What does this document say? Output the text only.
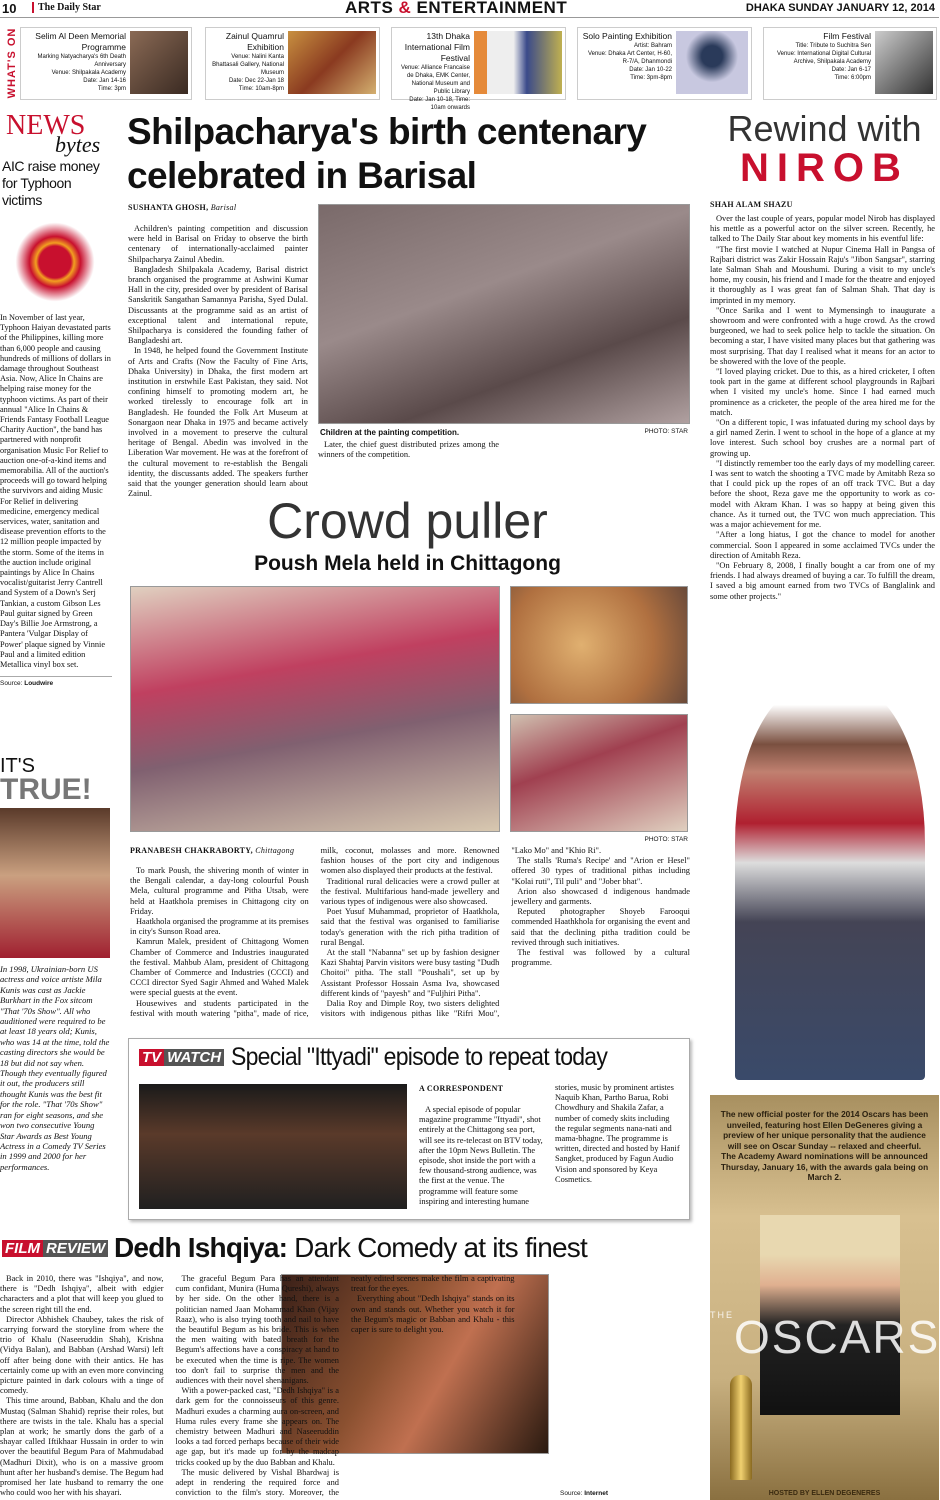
10	The Daily Star	ARTS & ENTERTAINMENT	DHAKA SUNDAY JANUARY 12, 2014
WHAT'S ON	Selim Al Deen Memorial Programme
Marking Natyacharya's 6th Death Anniversary
Venue: Shilpakala Academy
Date: Jan 14-16
Time: 3pm
Zainul Quamrul Exhibition
Venue: Nalini Kanta Bhattasali Gallery, National Museum
Date: Dec 22-Jan 18
Time: 10am-8pm
13th Dhaka International Film Festival
Venue: Alliance Francaise de Dhaka, EMK Center, National Museum and Public Library
Date: Jan 10-18, Time: 10am onwards
Solo Painting Exhibition
Artist: Bahram
Venue: Dhaka Art Center, H-60, R-7/A, Dhanmondi
Date: Jan 10-22
Time: 3pm-8pm
Film Festival
Title: Tribute to Suchitra Sen
Venue: International Digital Cultural Archive, Shilpakala Academy
Date: Jan 6-17
Time: 6:00pm
NEWS
bytes
AIC raise money for Typhoon victims
In November of last year, Typhoon Haiyan devastated parts of the Philippines, killing more than 6,000 people and causing hundreds of millions of dollars in damage throughout Southeast Asia. Now, Alice In Chains are helping raise money for the typhoon victims. As part of their annual "Alice In Chains & Friends Fantasy Football League Charity Auction", the band has partnered with nonprofit organisation Music For Relief to auction one-of-a-kind items and memorabilia. All of the auction's proceeds will go toward helping the survivors and aiding Music For Relief in delivering medicine, emergency medical services, water, sanitation and disease prevention efforts to the 12 million people impacted by the storm. Some of the items in the auction include original paintings by Alice In Chains vocalist/guitarist Jerry Cantrell and System of a Down's Serj Tankian, a custom Gibson Les Paul guitar signed by Green Day's Billie Joe Armstrong, a Pantera 'Vulgar Display of Power' plaque signed by Vinnie Paul and a limited edition Metallica vinyl box set.
Source: Loudwire
IT'S
TRUE!
In 1998, Ukrainian-born US actress and voice artiste Mila Kunis was cast as Jackie Burkhart in the Fox sitcom "That '70s Show". All who auditioned were required to be at least 18 years old; Kunis, who was 14 at the time, told the casting directors she would be 18 but did not say when. Though they eventually figured it out, the producers still thought Kunis was the best fit for the role. "That '70s Show" ran for eight seasons, and she won two consecutive Young Star Awards as Best Young Actress in a Comedy TV Series in 1999 and 2000 for her performances.
Shilpacharya's birth centenary celebrated in Barisal
SUSHANTA GHOSH, Barisal

Achildren's painting competition and discussion were held in Barisal on Friday to observe the birth centenary of internationally-acclaimed painter Shilpacharya Zainul Abedin.

Bangladesh Shilpakala Academy, Barisal district branch organised the programme at Ashwini Kumar Hall in the city, presided over by president of Barisal Sanskritik Sangathan Samannya Parisha, Syed Dulal. Discussants at the programme said as an artist of exceptional talent and international repute, Shilpacharya is considered the founding father of Bangladeshi art.

In 1948, he helped found the Government Institute of Arts and Crafts (Now the Faculty of Fine Arts, Dhaka University) in Dhaka, the first modern art institution in erstwhile East Pakistan, they said. Not confining himself to promoting modern art, he worked tirelessly to encourage folk art in Bangladesh. He founded the Folk Art Museum at Sonargaon near Dhaka in 1975 and became actively involved in a movement to preserve the cultural heritage of Bengal. Abedin was involved in the Liberation War movement. He was at the forefront of the cultural movement to re-establish the Bengali identity, the discussants added. The speakers further said that the younger generation should learn about Zainul.

Children at the painting competition.	PHOTO: STAR

Later, the chief guest distributed prizes among the winners of the competition.

Crowd puller
Poush Mela held in Chittagong
PHOTO: STAR
PRANABESH CHAKRABORTY, Chittagong

To mark Poush, the shivering month of winter in the Bengali calendar, a day-long colourful Poush Mela, cultural programme and Pitha Utsab, were held at Haatkhola premises in Chittagong city on Friday.

Haatkhola organised the programme at its premises in city's Sunson Road area.

Kamrun Malek, president of Chittagong Women Chamber of Commerce and Industries inaugurated the festival. Mahbub Alam, president of Chittagong Chamber of Commerce and Industries (CCCI) and CCCI director Syed Sagir Ahmed and Wahed Malek were special guests at the event.

Housewives and students participated in the festival with mouth watering "pitha", made of rice, milk, coconut, molasses and more. Renowned fashion houses of the port city and indigenous women also displayed their products at the festival.

Traditional rural delicacies were a crowd puller at the festival. Multifarious hand-made jewellery and various types of indigenous were also showcased.

Poet Yusuf Muhammad, proprietor of Haatkhola, said that the festival was organised to familiarise today's generation with the rich pitha tradition of rural Bengal.

At the stall "Nabanna" set up by fashion designer Kazi Shahtaj Parvin visitors were busy tasting "Dudh Choitoi" pitha. The stall "Poushali", set up by Assistant Professor Hossain Asma Iva, showcased different kinds of "payesh" and "Fuljhiri Pitha".

Dalia Roy and Dimple Roy, two sisters delighted visitors with indigenous pithas like "Rifri Mou", "Lako Mo" and "Khio Ri".

The stalls 'Ruma's Recipe' and "Arion er Hesel" offered 30 types of traditional pithas including "Kolai ruti", Til puli" and "Jober bhat".

Arion also showcased d indigenous handmade jewellery and garments.

Reputed photographer Shoyeb Farooqui commended Haathkhola for organising the event and said that the declining pitha tradition could be revived through such initiatives.

The festival was followed by a cultural programme.

TV WATCH Special "Ittyadi" episode to repeat today
A CORRESPONDENT

A special episode of popular magazine programme "Ittyadi", shot entirely at the Chittagong sea port, will see its re-telecast on BTV today, after the 10pm News Bulletin. The episode, shot inside the port with a few thousand-strong audience, was the first at the venue. The programme will feature some inspiring and interesting humane stories, music by prominent artistes Naquib Khan, Partho Barua, Robi Chowdhury and Shakila Zafar, a number of comedy skits including the regular segments nana-nati and mama-bhagne. The programme is written, directed and hosted by Hanif Sangket, produced by Fagun Audio Vision and sponsored by Keya Cosmetics.

FILM REVIEW Dedh Ishqiya: Dark Comedy at its finest

Back in 2010, there was "Ishqiya", and now, there is "Dedh Ishqiya", albeit with edgier characters and a plot that will keep you glued to the screen right till the end.

Director Abhishek Chaubey, takes the risk of carrying forward the storyline from where the trio of Khalu (Naseeruddin Shah), Krishna (Vidya Balan), and Babban (Arshad Warsi) left off after being done with their antics. He has certainly come up with an even more convincing picture painted in dark colours with a tinge of comedy.

This time around, Babban, Khalu and the don Mustaq (Salman Shahid) reprise their roles, but there are twists in the tale. Khalu has a special plan at work; he smartly dons the garb of a shayar called Iftikhaar Hussain in order to win over the beautiful Begum Para of Mahmudabad (Madhuri Dixit), who is on a massive groom hunt after her husband's demise. The Begum had promised her late husband to remarry the one who could woo her with his shayari.

The graceful Begum Para has an attendant cum confidant, Munira (Huma Qureshi), always by her side. On the other hand, there is a politician named Jaan Mohammad Khan (Vijay Raaz), who is also trying tooth and nail to have the beautiful Begum as his bride. This is when the men waiting with bated breath for the Begum's affections have a conspiracy at hand to be executed when the time is ripe. The women too don't fail to surprise the men and the audiences with their novel shenanigans.

With a power-packed cast, "Dedh Ishqiya" is a dark gem for the connoisseurs of this genre. Madhuri exudes a charming aura on-screen, and Huma rules every frame she appears on. The chemistry between Madhuri and Naseeruddin looks a tad forced perhaps because of their wide age gap, but it's made up for by the madcap tricks cooked up by the duo Babban and Khalu.

The music delivered by Vishal Bhardwaj is adept in rendering the required force and conviction to the film's story. Moreover, the neatly edited scenes make the film a captivating treat for the eyes.

Everything about "Dedh Ishqiya" stands on its own and stands out. Whether you watch it for the Begum's magic or Babban and Khalu - this caper is sure to delight you.

Source: Internet
Rewind with
NIROB
SHAH ALAM SHAZU

Over the last couple of years, popular model Nirob has displayed his mettle as a powerful actor on the silver screen. Recently, he talked to The Daily Star about key moments in his eventful life:

"The first movie I watched at Nupur Cinema Hall in Pangsa of Rajbari district was Zakir Hossain Raju's "Jibon Sangsar", starring late Salman Shah and Moushumi. During a visit to my uncle's home, my cousin, his friend and I made for the theatre and enjoyed it thoroughly as I was great fan of Salman Shah. That day is imprinted in my memory.

"Once Sarika and I went to Mymensingh to inaugurate a showroom and were confronted with a huge crowd. As the crowd burgeoned, we had to seek police help to tackle the situation. On becoming a star, I have visited many places but that gathering was most surprising. That day I realised what it means for an actor to be showered with the love of the people.

"I loved playing cricket. Due to this, as a hired cricketer, I often took part in the game at different school playgrounds in Rajbari when I visited my uncle's home. Since I had earned much prominence as a cricketer, the people of the area hired me for the match.

"On a different topic, I was infatuated during my school days by a girl named Zerin. I went to school in the hope of a glance at my love interest. Such school boy crushes are a normal part of growing up.

"I distinctly remember too the early days of my modelling career. I was sent to watch the shooting a TVC made by Amitabh Reza so that I could pick up the ropes of an off track TVC. But a day before the shoot, Reza gave me the opportunity to work as co-model with Akram Khan. I was so happy at being given this chance. As it turned out, the TVC won much appreciation. This was a major achievement for me.

"After a long hiatus, I got the chance to model for another commercial. Soon I appeared in some acclaimed TVCs under the direction of Amitabh Reza.

"On February 8, 2008, I finally bought a car from one of my friends. I had always dreamed of buying a car. To fulfill the dream, I saved a big amount earned from two TVCs of Banglalink and some other projects."

The new official poster for the 2014 Oscars has been unveiled, featuring host Ellen DeGeneres giving a preview of her unique personality that the audience will see on Oscar Sunday -- relaxed and cheerful. The Academy Award nominations will be announced Thursday, January 16, with the awards gala being on March 2.
$^{THE}$OSCARS
HOSTED BY ELLEN DEGENERES
